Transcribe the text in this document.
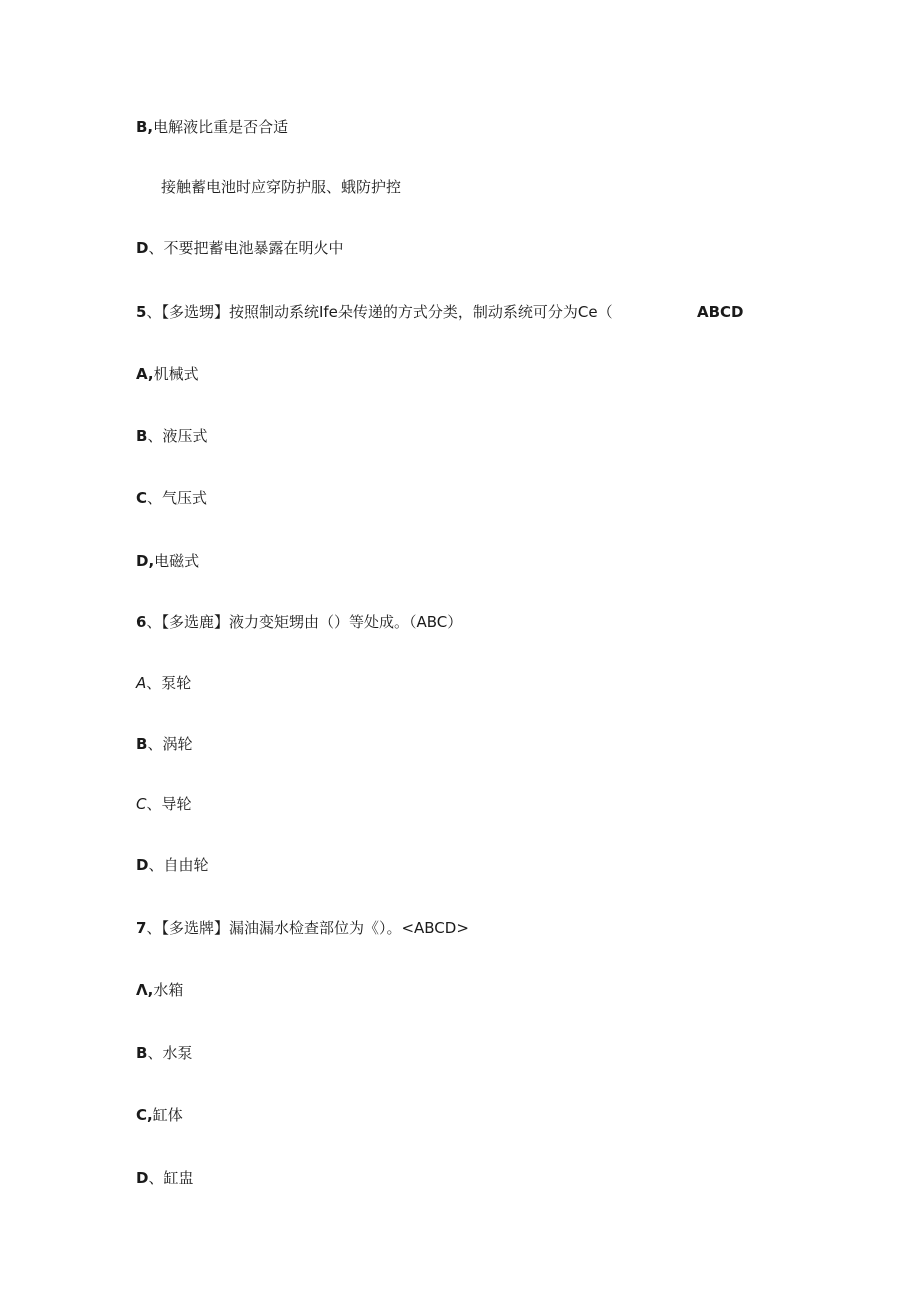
B,电解液比重是否合适
接触蓄电池时应穿防护服、蛾防护控
D、不要把蓄电池暴露在明火中
5、【多选甥】按照制动系统Ife朵传递的方式分类，制动系统可分为Ce（	ABCD
A,机械式
B、液压式
C、气压式
D,电磁式
6、【多选鹿】液力变矩甥由（）等处成。（ABC）
A、泵轮
B、涡轮
C、导轮
D、自由轮
7、【多选牌】漏油漏水检查部位为《）。<ABCD>
Λ,水箱
B、水泵
C,缸体
D、缸盅
